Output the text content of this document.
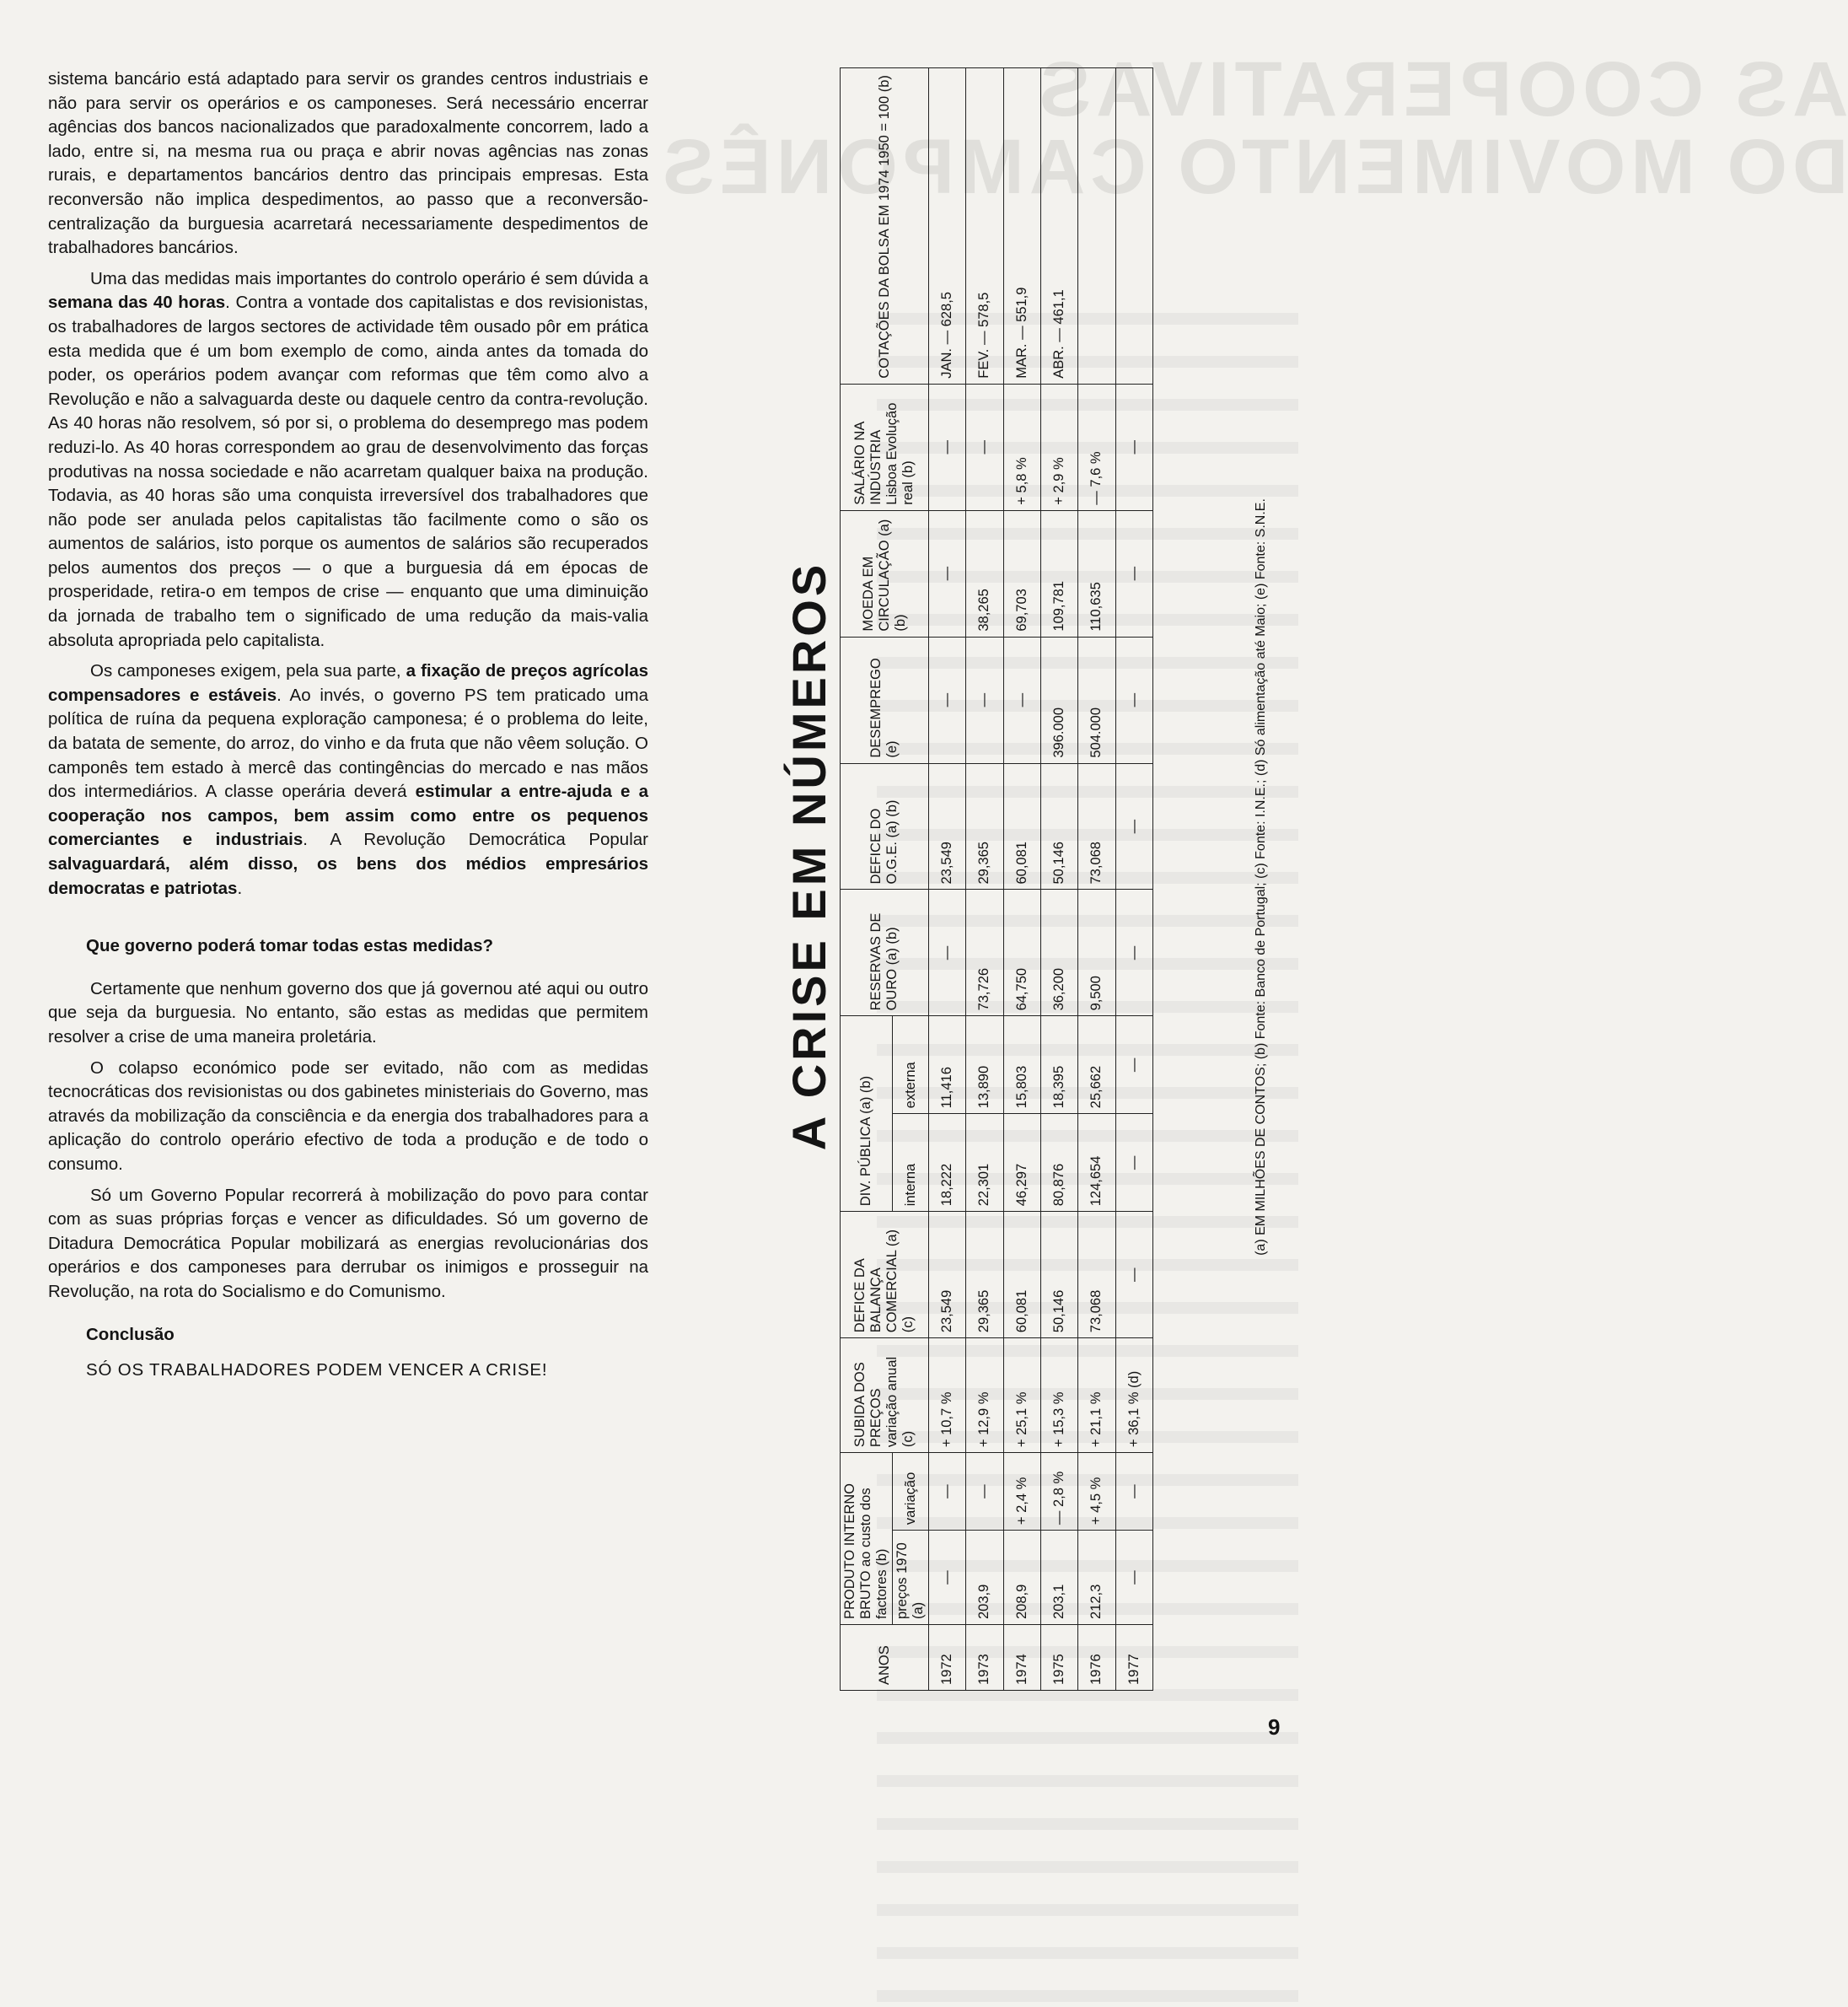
AS COOPERATIVAS
DO MOVIMENTO CAMPONÊS

sistema bancário está adaptado para servir os grandes centros industriais e não para servir os operários e os camponeses. Será necessário encerrar agências dos bancos nacionalizados que paradoxalmente concorrem, lado a lado, entre si, na mesma rua ou praça e abrir novas agências nas zonas rurais, e departamentos bancários dentro das principais empresas. Esta reconversão não implica despedimentos, ao passo que a reconversão-centralização da burguesia acarretará necessariamente despedimentos de trabalhadores bancários.

Uma das medidas mais importantes do controlo operário é sem dúvida a semana das 40 horas. Contra a vontade dos capitalistas e dos revisionistas, os trabalhadores de largos sectores de actividade têm ousado pôr em prática esta medida que é um bom exemplo de como, ainda antes da tomada do poder, os operários podem avançar com reformas que têm como alvo a Revolução e não a salvaguarda deste ou daquele centro da contra-revolução. As 40 horas não resolvem, só por si, o problema do desemprego mas podem reduzi-lo. As 40 horas correspondem ao grau de desenvolvimento das forças produtivas na nossa sociedade e não acarretam qualquer baixa na produção. Todavia, as 40 horas são uma conquista irreversível dos trabalhadores que não pode ser anulada pelos capitalistas tão facilmente como o são os aumentos de salários, isto porque os aumentos de salários são recuperados pelos aumentos dos preços — o que a burguesia dá em épocas de prosperidade, retira-o em tempos de crise — enquanto que uma diminuição da jornada de trabalho tem o significado de uma redução da mais-valia absoluta apropriada pelo capitalista.

Os camponeses exigem, pela sua parte, a fixação de preços agrícolas compensadores e estáveis. Ao invés, o governo PS tem praticado uma política de ruína da pequena exploração camponesa; é o problema do leite, da batata de semente, do arroz, do vinho e da fruta que não vêem solução. O camponês tem estado à mercê das contingências do mercado e nas mãos dos intermediários. A classe operária deverá estimular a entre-ajuda e a cooperação nos campos, bem assim como entre os pequenos comerciantes e industriais. A Revolução Democrática Popular salvaguardará, além disso, os bens dos médios empresários democratas e patriotas.

Que governo poderá tomar todas estas medidas?

Certamente que nenhum governo dos que já governou até aqui ou outro que seja da burguesia. No entanto, são estas as medidas que permitem resolver a crise de uma maneira proletária.

O colapso económico pode ser evitado, não com as medidas tecnocráticas dos revisionistas ou dos gabinetes ministeriais do Governo, mas através da mobilização da consciência e da energia dos trabalhadores para a aplicação do controlo operário efectivo de toda a produção e de todo o consumo.

Só um Governo Popular recorrerá à mobilização do povo para contar com as suas próprias forças e vencer as dificuldades. Só um governo de Ditadura Democrática Popular mobilizará as energias revolucionárias dos operários e dos camponeses para derrubar os inimigos e prosseguir na Revolução, na rota do Socialismo e do Comunismo.

Conclusão

SÓ OS TRABALHADORES PODEM VENCER A CRISE!

A CRISE EM NÚMEROS
ANOS	PRODUTO INTERNO BRUTO ao custo dos factores (b)		SUBIDA DOS PREÇOS variação anual (c)	DEFICE DA BALANÇA COMERCIAL (a) (c)	DIV. PÚBLICA (a) (b)		RESERVAS DE OURO (a) (b)	DEFICE DO O.G.E. (a) (b)	DESEMPREGO (e)	MOEDA EM CIRCULAÇÃO (a) (b)	SALÁRIO NA INDÚSTRIA Lisboa Evolução real (b)	COTAÇÕES DA BOLSA EM 1974 1950 = 100 (b)
	preços 1970 (a)	variação			interna	externa						
1972	—	—	+ 10,7 %	23,549	18,222	11,416	—	23,549	—	—	—	JAN. — 628,5
1973	203,9	—	+ 12,9 %	29,365	22,301	13,890	73,726	29,365	—	38,265	—	FEV. — 578,5
1974	208,9	+ 2,4 %	+ 25,1 %	60,081	46,297	15,803	64,750	60,081	—	69,703	+ 5,8 %	MAR. — 551,9
1975	203,1	— 2,8 %	+ 15,3 %	50,146	80,876	18,395	36,200	50,146	396.000	109,781	+ 2,9 %	ABR. — 461,1
1976	212,3	+ 4,5 %	+ 21,1 %	73,068	124,654	25,662	9,500	73,068	504.000	110,635	— 7,6 %	
1977	—	—	+ 36,1 % (d)	—	—	—	—	—	—	—	—	
(a) EM MILHÕES DE CONTOS; (b) Fonte: Banco de Portugal; (c) Fonte: I.N.E.; (d) Só alimentação até Maio; (e) Fonte: S.N.E.
9
